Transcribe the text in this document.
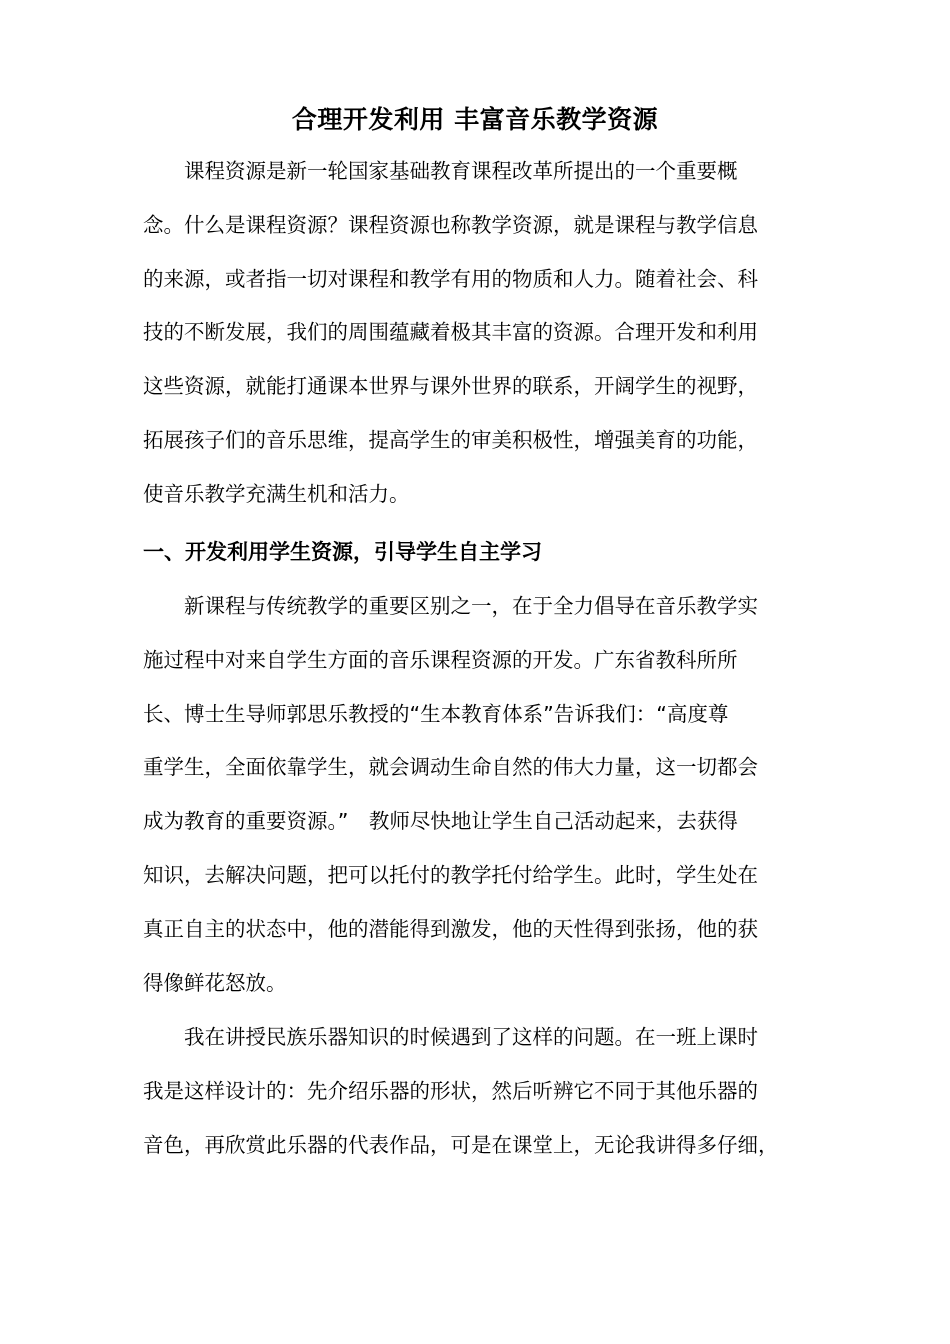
合理开发利用 丰富音乐教学资源
课程资源是新一轮国家基础教育课程改革所提出的一个重要概
念。什么是课程资源？课程资源也称教学资源，就是课程与教学信息
的来源，或者指一切对课程和教学有用的物质和人力。随着社会、科
技的不断发展，我们的周围蕴藏着极其丰富的资源。合理开发和利用
这些资源，就能打通课本世界与课外世界的联系，开阔学生的视野，
拓展孩子们的音乐思维，提高学生的审美积极性，增强美育的功能，
使音乐教学充满生机和活力。
一、开发利用学生资源，引导学生自主学习
新课程与传统教学的重要区别之一，在于全力倡导在音乐教学实
施过程中对来自学生方面的音乐课程资源的开发。广东省教科所所
长、博士生导师郭思乐教授的“生本教育体系”告诉我们：“高度尊
重学生，全面依靠学生，就会调动生命自然的伟大力量，这一切都会
成为教育的重要资源。”　教师尽快地让学生自己活动起来，去获得
知识，去解决问题，把可以托付的教学托付给学生。此时，学生处在
真正自主的状态中，他的潜能得到激发，他的天性得到张扬，他的获
得像鲜花怒放。
我在讲授民族乐器知识的时候遇到了这样的问题。在一班上课时
我是这样设计的：先介绍乐器的形状，然后听辨它不同于其他乐器的
音色，再欣赏此乐器的代表作品，可是在课堂上，无论我讲得多仔细，
